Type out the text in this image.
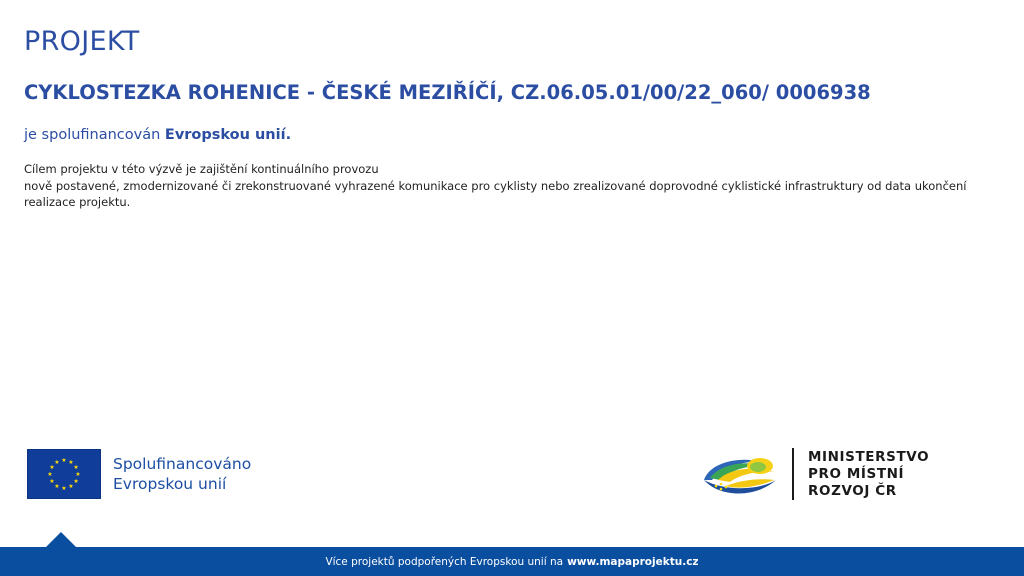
PROJEKT
CYKLOSTEZKA ROHENICE - ČESKÉ MEZIŘÍČÍ, CZ.06.05.01/00/22_060/ 0006938

je spolufinancován Evropskou unií.

Cílem projektu v této výzvě je zajištění kontinuálního provozu

nově postavené, zmodernizované či zrekonstruované vyhrazené komunikace pro cyklisty nebo zrealizované doprovodné cyklistické infrastruktury od data ukončení realizace projektu.

★ ★
★
★
★
★
★
★
★
★
★
★	Spolufinancováno
Evropskou unií
MINISTERSTVO
PRO MÍSTNÍ
ROZVOJ ČR
Více projektů podpořených Evropskou unií na www.mapaprojektu.cz
